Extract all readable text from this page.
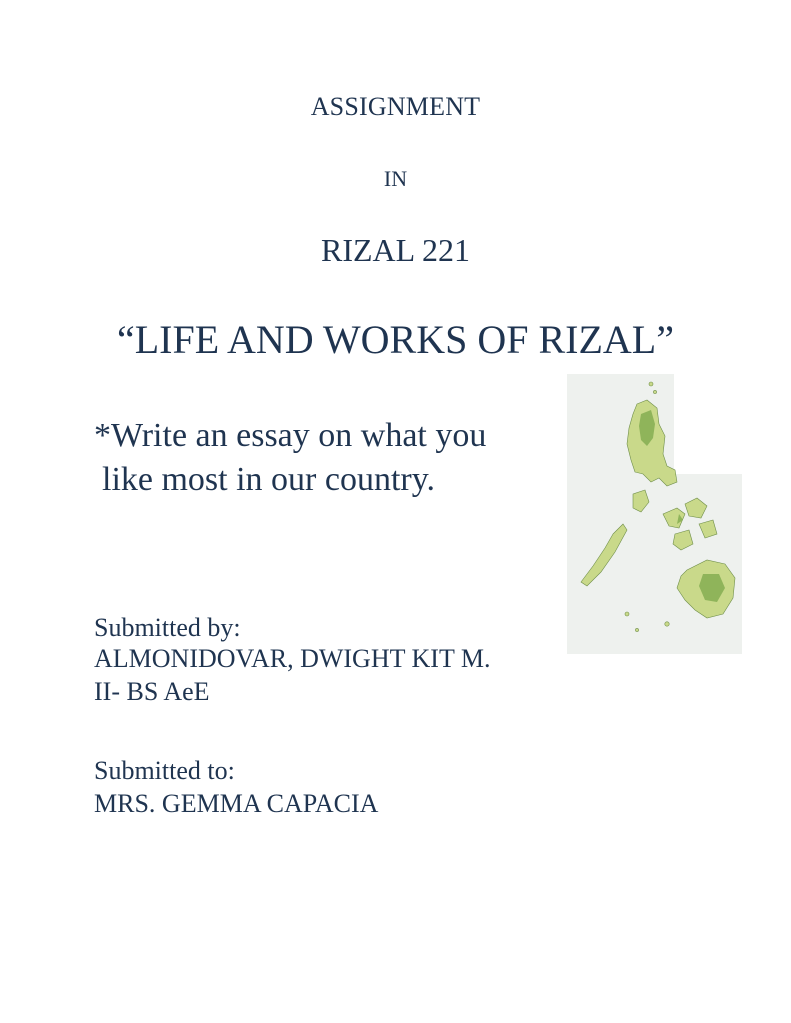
ASSIGNMENT
IN
RIZAL 221
“LIFE AND WORKS OF RIZAL”
*Write an essay on what you
like most in our country.
Submitted by:
ALMONIDOVAR, DWIGHT KIT M.
II- BS AeE
Submitted to:
MRS. GEMMA CAPACIA
